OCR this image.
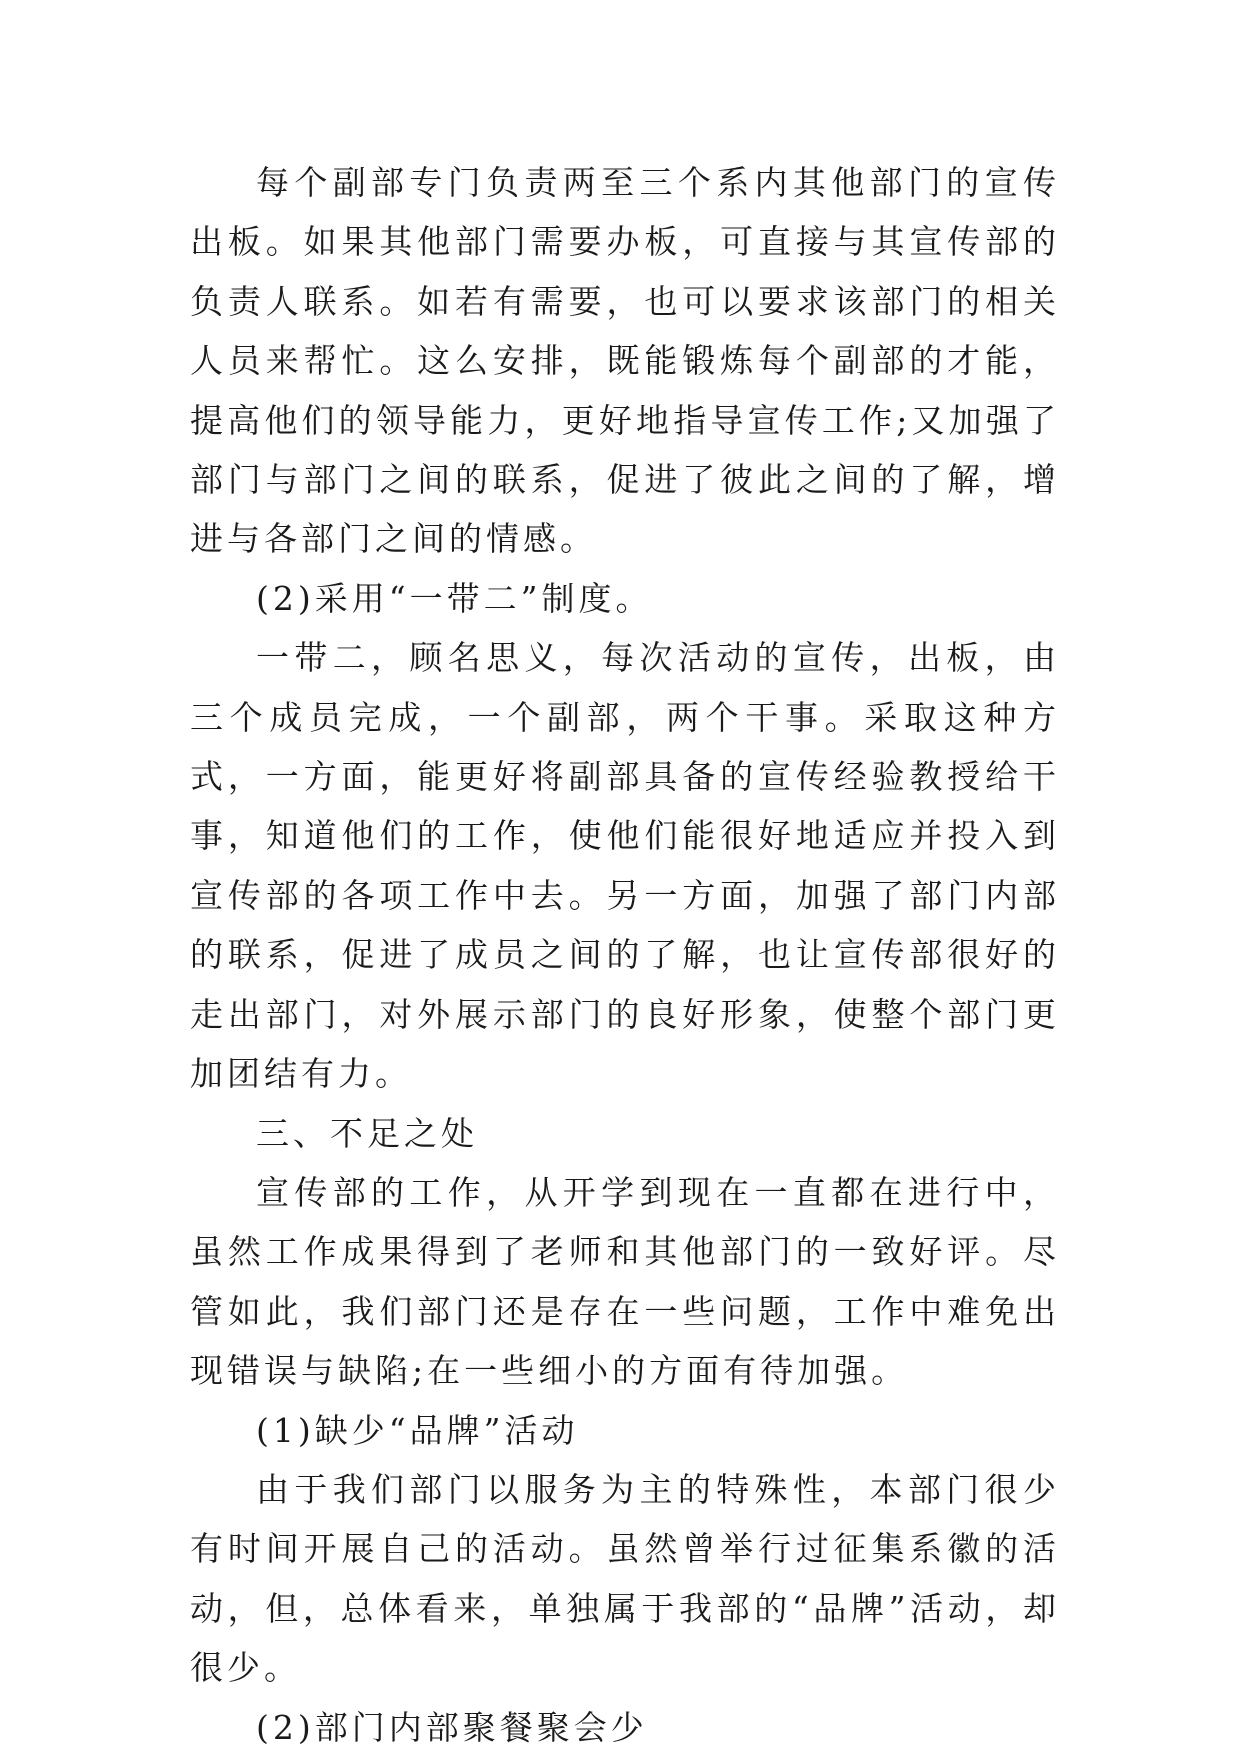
每个副部专门负责两至三个系内其他部门的宣传出板。如果其他部门需要办板，可直接与其宣传部的负责人联系。如若有需要，也可以要求该部门的相关人员来帮忙。这么安排，既能锻炼每个副部的才能，提高他们的领导能力，更好地指导宣传工作;又加强了部门与部门之间的联系，促进了彼此之间的了解，增进与各部门之间的情感。

(2)采用“一带二”制度。

一带二，顾名思义，每次活动的宣传，出板，由三个成员完成，一个副部，两个干事。采取这种方式，一方面，能更好将副部具备的宣传经验教授给干事，知道他们的工作，使他们能很好地适应并投入到宣传部的各项工作中去。另一方面，加强了部门内部的联系，促进了成员之间的了解，也让宣传部很好的走出部门，对外展示部门的良好形象，使整个部门更加团结有力。

三、不足之处

宣传部的工作，从开学到现在一直都在进行中，虽然工作成果得到了老师和其他部门的一致好评。尽管如此，我们部门还是存在一些问题，工作中难免出现错误与缺陷;在一些细小的方面有待加强。

(1)缺少“品牌”活动

由于我们部门以服务为主的特殊性，本部门很少有时间开展自己的活动。虽然曾举行过征集系徽的活动，但，总体看来，单独属于我部的“品牌”活动，却很少。

(2)部门内部聚餐聚会少
